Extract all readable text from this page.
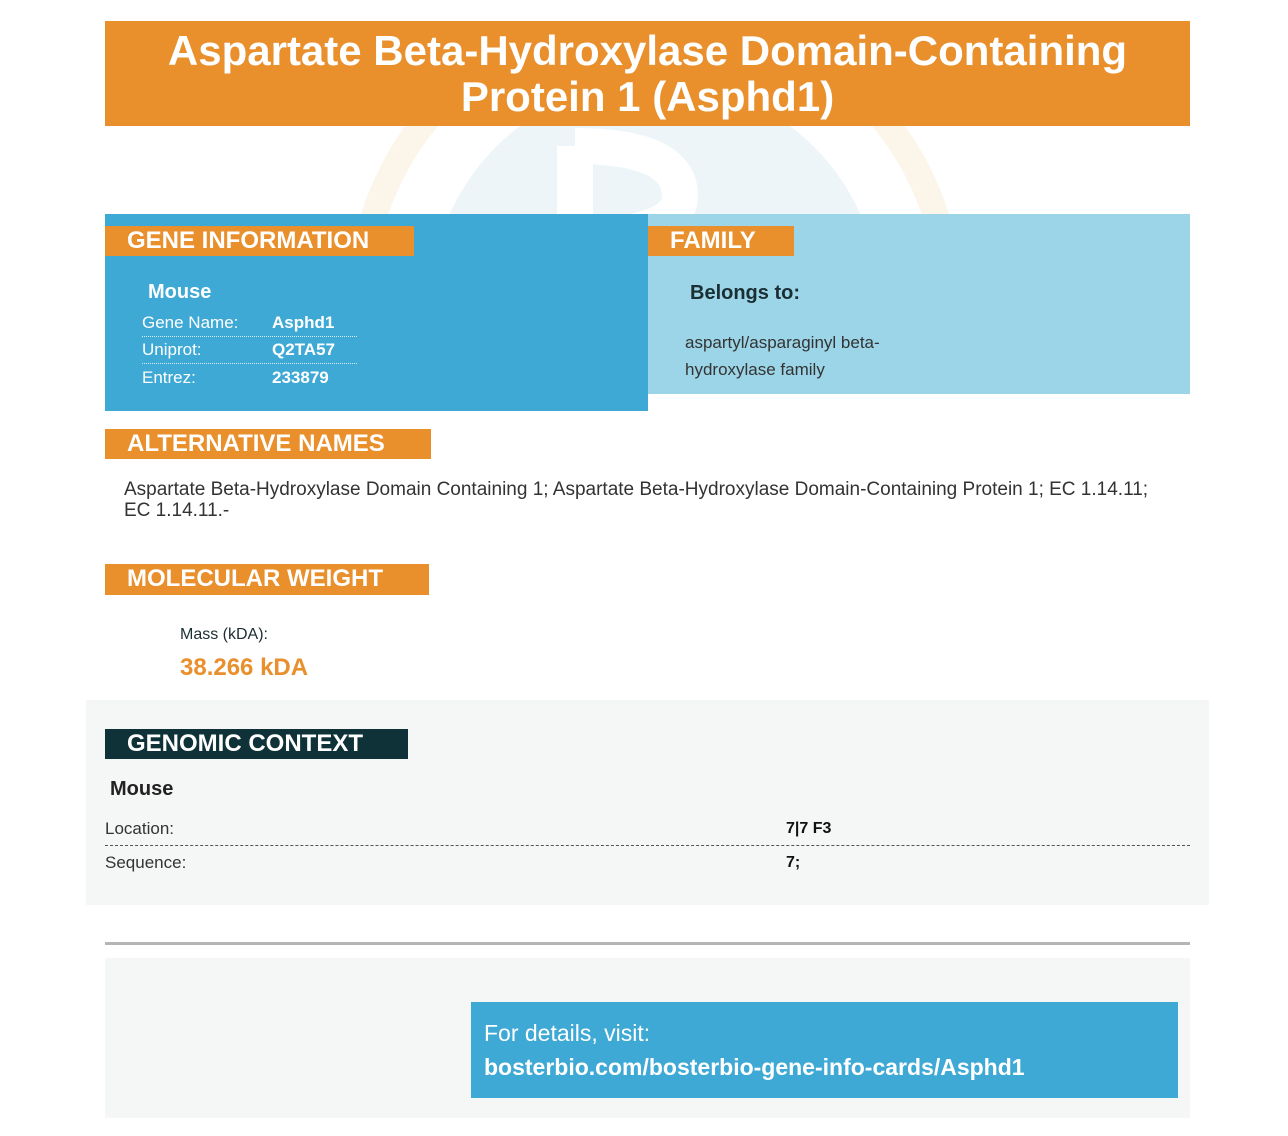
Aspartate Beta-Hydroxylase Domain-Containing Protein 1 (Asphd1)
GENE INFORMATION
Mouse
Gene Name: Asphd1
Uniprot:	Q2TA57
Entrez:	233879
FAMILY
Belongs to:
aspartyl/asparaginyl beta-hydroxylase family
ALTERNATIVE NAMES
Aspartate Beta-Hydroxylase Domain Containing 1; Aspartate Beta-Hydroxylase Domain-Containing Protein 1; EC 1.14.11; EC 1.14.11.-
MOLECULAR WEIGHT
Mass (kDA):
38.266 kDA
GENOMIC CONTEXT
Mouse
Location:	7|7 F3
Sequence:	7;
For details, visit:
bosterbio.com/bosterbio-gene-info-cards/Asphd1
